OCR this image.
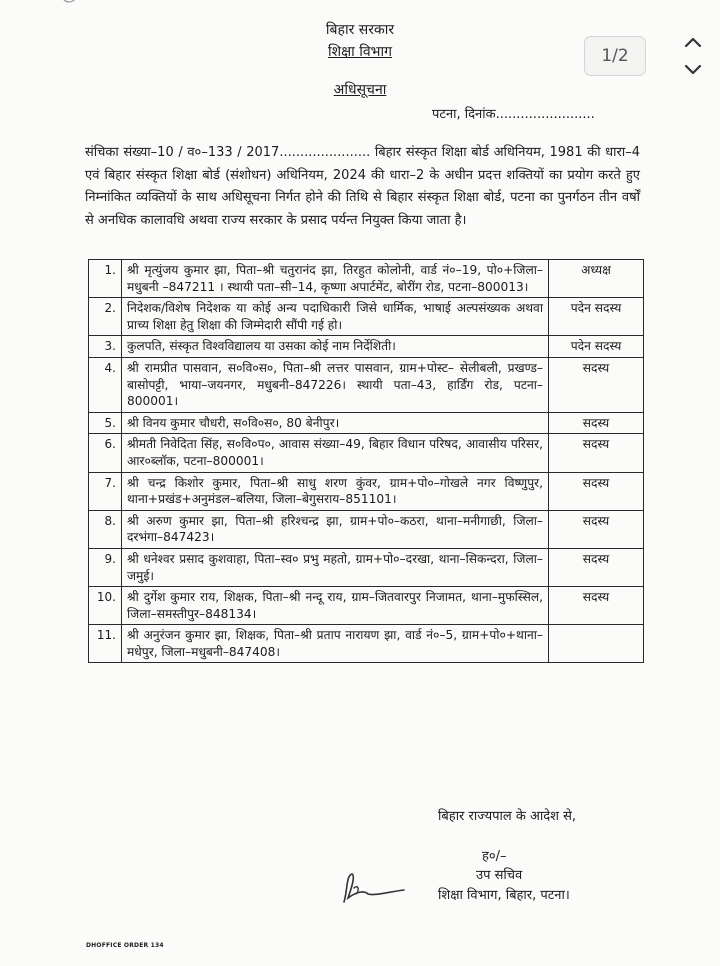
बिहार सरकार
शिक्षा विभाग
अधिसूचना
पटना, दिनांक........................
1/2

संचिका संख्या–10 / व०–133 / 2017...................... बिहार संस्कृत शिक्षा बोर्ड अधिनियम, 1981 की धारा–4 एवं बिहार संस्कृत शिक्षा बोर्ड (संशोधन) अधिनियम, 2024 की धारा–2 के अधीन प्रदत्त शक्तियों का प्रयोग करते हुए निम्नांकित व्यक्तियों के साथ अधिसूचना निर्गत होने की तिथि से बिहार संस्कृत शिक्षा बोर्ड, पटना का पुनर्गठन तीन वर्षों से अनधिक कालावधि अथवा राज्य सरकार के प्रसाद पर्यन्त नियुक्त किया जाता है।

1.	श्री मृत्युंजय कुमार झा, पिता–श्री चतुरानंद झा, तिरहुत कोलोनी, वार्ड नं०–19, पो०+जिला–मधुबनी –847211 । स्थायी पता–सी–14, कृष्णा अपार्टमेंट, बोरींग रोड, पटना–800013।	अध्यक्ष
2.	निदेशक/विशेष निदेशक या कोई अन्य पदाधिकारी जिसे धार्मिक, भाषाई अल्पसंख्यक अथवा प्राच्य शिक्षा हेतु शिक्षा की जिम्मेदारी सौंपी गई हो।	पदेन सदस्य
3.	कुलपति, संस्कृत विश्वविद्यालय या उसका कोई नाम निर्देशिती।	पदेन सदस्य
4.	श्री रामप्रीत पासवान, स०वि०स०, पिता–श्री लत्तर पासवान, ग्राम+पोस्ट– सेलीबली, प्रखण्ड–बासोपट्टी, भाया–जयनगर, मधुबनी–847226। स्थायी पता–43, हार्डिंग रोड, पटना–800001।	सदस्य
5.	श्री विनय कुमार चौधरी, स०वि०स०, 80 बेनीपुर।	सदस्य
6.	श्रीमती निवेदिता सिंह, स०वि०प०, आवास संख्या–49, बिहार विधान परिषद, आवासीय परिसर, आर०ब्लॉक, पटना–800001।	सदस्य
7.	श्री चन्द्र किशोर कुमार, पिता–श्री साधु शरण कुंवर, ग्राम+पो०–गोखले नगर विष्णुपुर, थाना+प्रखंड+अनुमंडल–बलिया, जिला–बेगुसराय–851101।	सदस्य
8.	श्री अरुण कुमार झा, पिता–श्री हरिश्चन्द्र झा, ग्राम+पो०–कठरा, थाना–मनीगाछी, जिला–दरभंगा–847423।	सदस्य
9.	श्री धनेश्वर प्रसाद कुशवाहा, पिता–स्व० प्रभु महतो, ग्राम+पो०–दरखा, थाना–सिकन्दरा, जिला–जमुई।	सदस्य
10.	श्री दुर्गेश कुमार राय, शिक्षक, पिता–श्री नन्दू राय, ग्राम–जितवारपुर निजामत, थाना–मुफस्सिल, जिला–समस्तीपुर–848134।	सदस्य
11.	श्री अनुरंजन कुमार झा, शिक्षक, पिता–श्री प्रताप नारायण झा, वार्ड नं०–5, ग्राम+पो०+थाना–मधेपुर, जिला–मधुबनी–847408।	
बिहार राज्यपाल के आदेश से,
ह०/–
उप सचिव
शिक्षा विभाग, बिहार, पटना।
DHOFFICE ORDER 134
